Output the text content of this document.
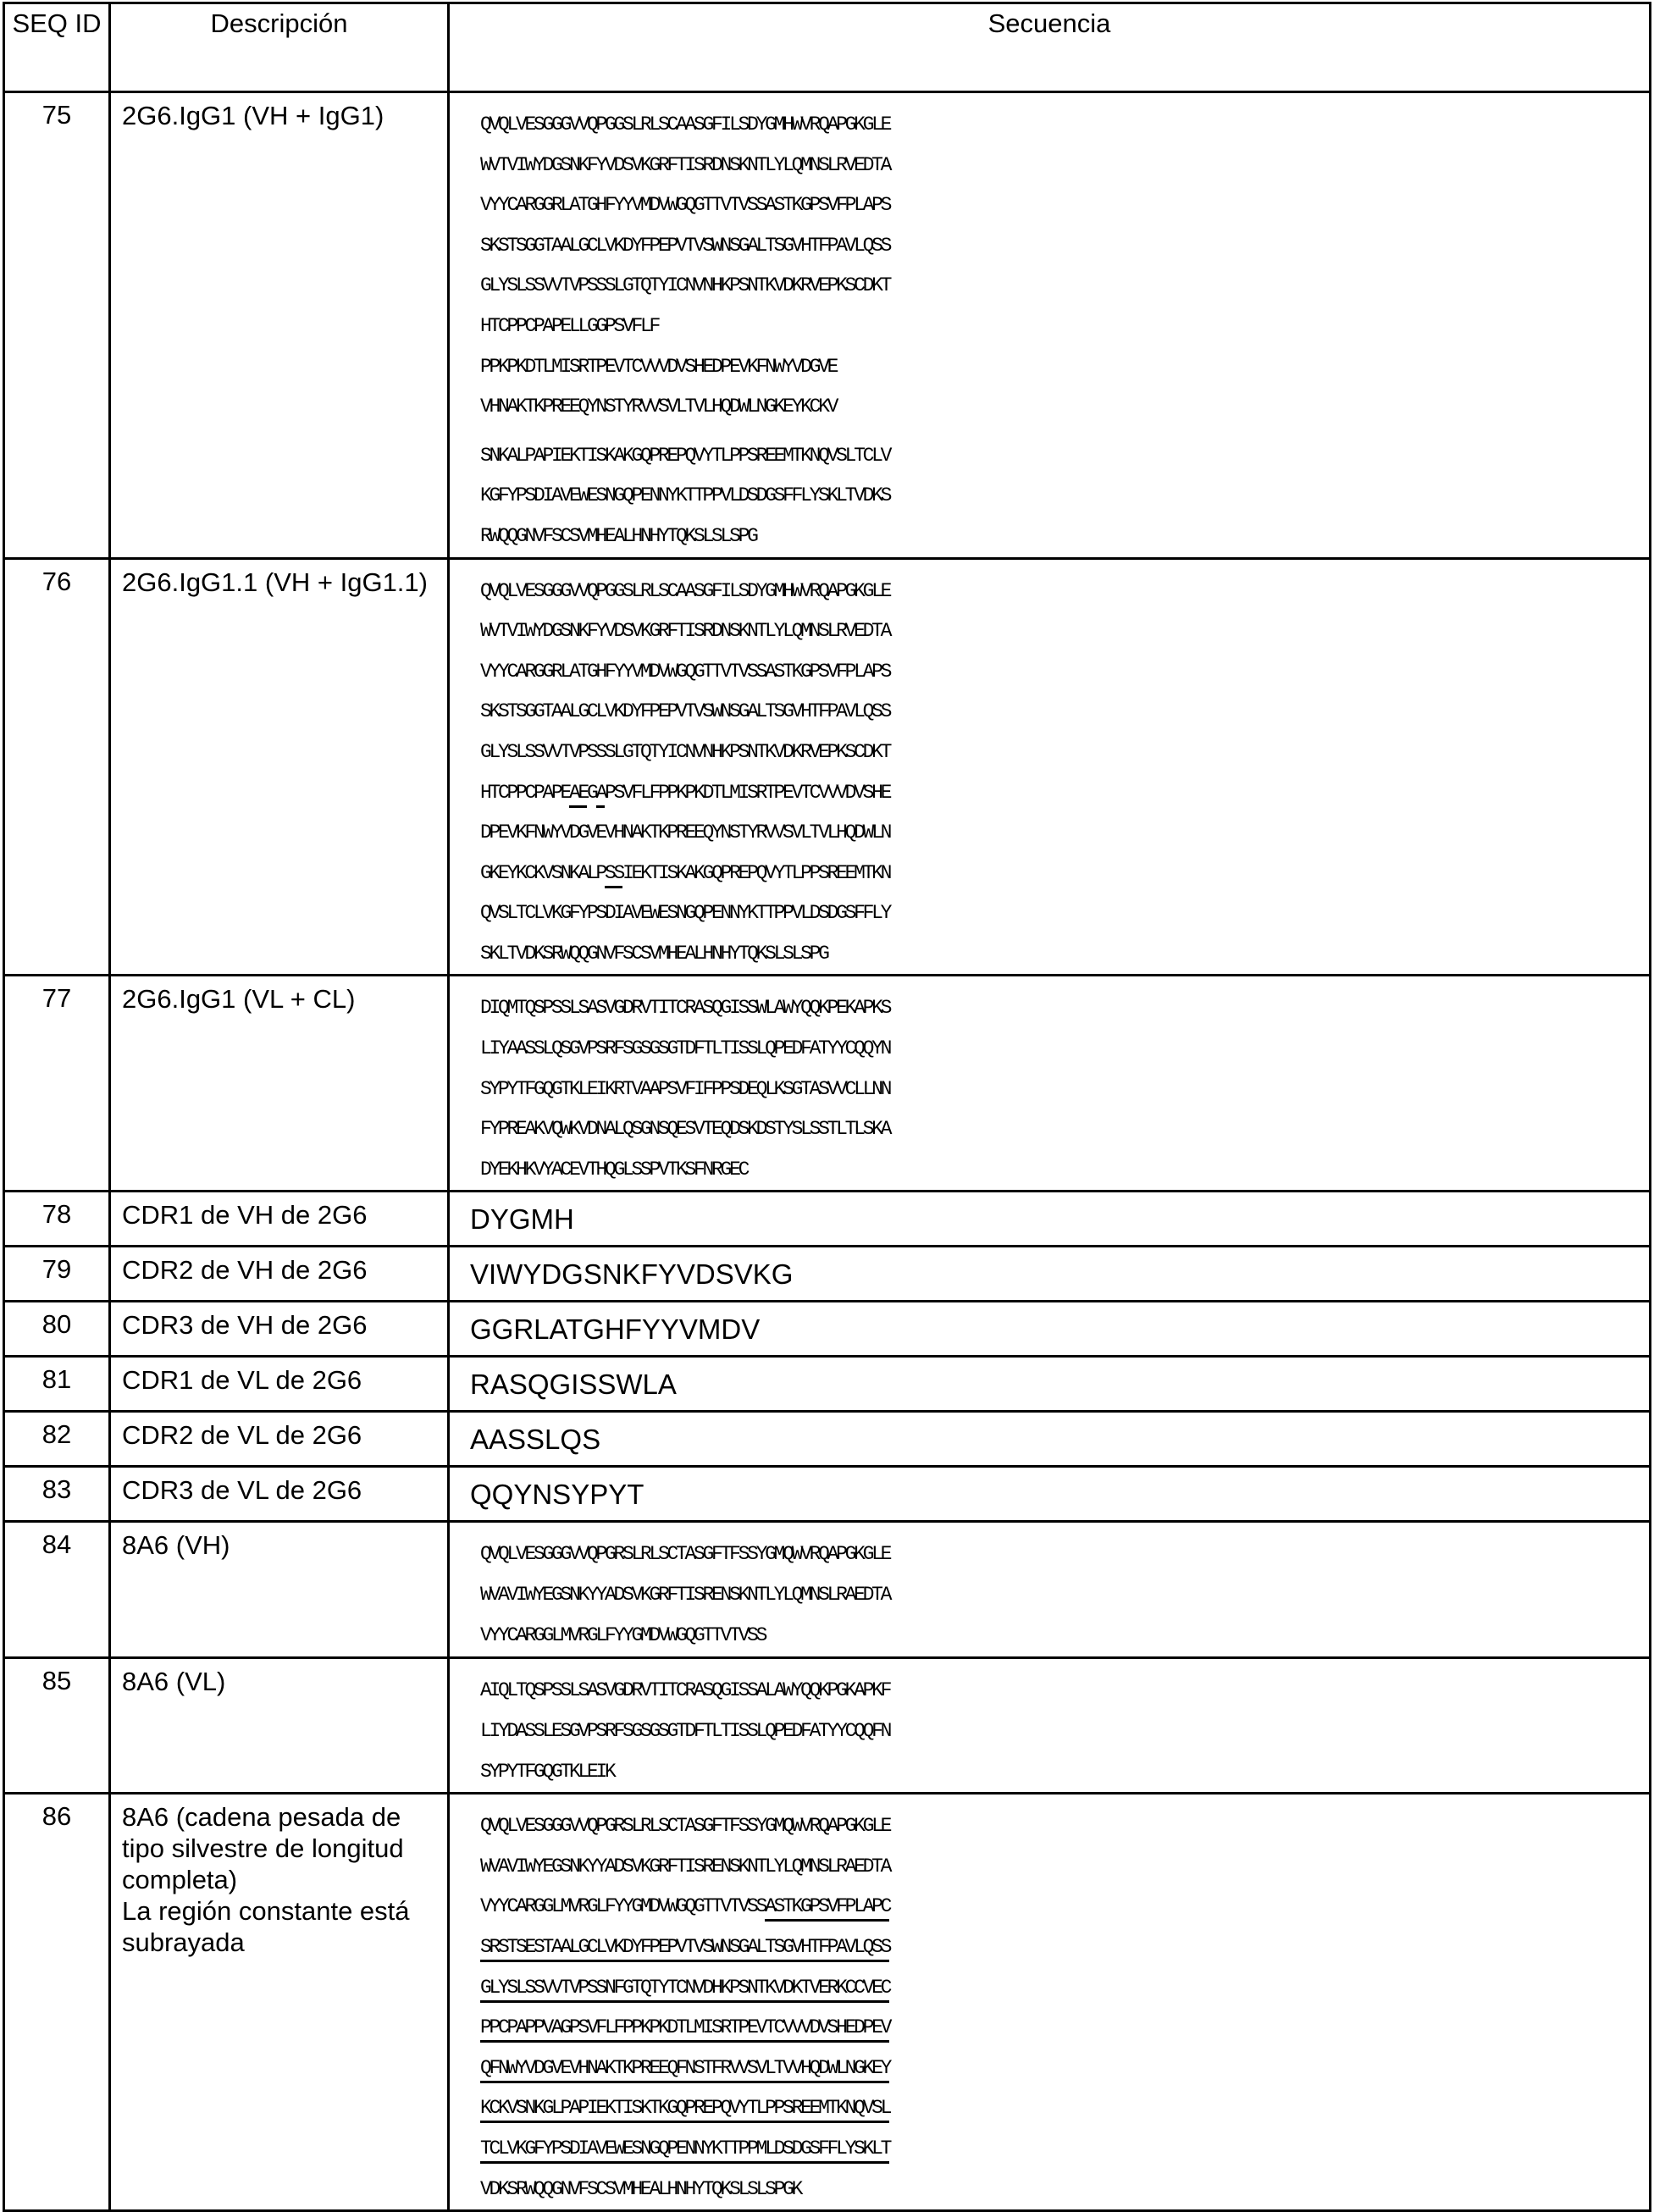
SEQ ID	Descripción	Secuencia
75	2G6.IgG1 (VH + IgG1)	QVQLVESGGGVVQPGGSLRLSCAASGFILSDYGMHWVRQAPGKGLE
WVTVIWYDGSNKFYVDSVKGRFTISRDNSKNTLYLQMNSLRVEDTA
VYYCARGGRLATGHFYYVMDVWGQGTTVTVSSASTKGPSVFPLAPS
SKSTSGGTAALGCLVKDYFPEPVTVSWNSGALTSGVHTFPAVLQSS
GLYSLSSVVTVPSSSLGTQTYICNVNHKPSNTKVDKRVEPKSCDKT
HTCPPCPAPELLGGPSVFLF
PPKPKDTLMISRTPEVTCVVVDVSHEDPEVKFNWYVDGVE
VHNAKTKPREEQYNSTYRVVSVLTVLHQDWLNGKEYKCKV
SNKALPAPIEKTISKAKGQPREPQVYTLPPSREEMTKNQVSLTCLV
KGFYPSDIAVEWESNGQPENNYKTTPPVLDSDGSFFLYSKLTVDKS
RWQQGNVFSCSVMHEALHNHYTQKSLSLSPG

76	2G6.IgG1.1 (VH + IgG1.1)	QVQLVESGGGVVQPGGSLRLSCAASGFILSDYGMHWVRQAPGKGLE
WVTVIWYDGSNKFYVDSVKGRFTISRDNSKNTLYLQMNSLRVEDTA
VYYCARGGRLATGHFYYVMDVWGQGTTVTVSSASTKGPSVFPLAPS
SKSTSGGTAALGCLVKDYFPEPVTVSWNSGALTSGVHTFPAVLQSS
GLYSLSSVVTVPSSSLGTQTYICNVNHKPSNTKVDKRVEPKSCDKT
HTCPPCPAPEAEGAPSVFLFPPKPKDTLMISRTPEVTCVVVDVSHE
DPEVKFNWYVDGVEVHNAKTKPREEQYNSTYRVVSVLTVLHQDWLN
GKEYKCKVSNKALPSSIEKTISKAKGQPREPQVYTLPPSREEMTKN
QVSLTCLVKGFYPSDIAVEWESNGQPENNYKTTPPVLDSDGSFFLY
SKLTVDKSRWQQGNVFSCSVMHEALHNHYTQKSLSLSPG

77	2G6.IgG1 (VL + CL)	DIQMTQSPSSLSASVGDRVTITCRASQGISSWLAWYQQKPEKAPKS
LIYAASSLQSGVPSRFSGSGSGTDFTLTISSLQPEDFATYYCQQYN
SYPYTFGQGTKLEIKRTVAAPSVFIFPPSDEQLKSGTASVVCLLNN
FYPREAKVQWKVDNALQSGNSQESVTEQDSKDSTYSLSSTLTLSKA
DYEKHKVYACEVTHQGLSSPVTKSFNRGEC

78	CDR1 de VH de 2G6	DYGMH

79	CDR2 de VH de 2G6	VIWYDGSNKFYVDSVKG

80	CDR3 de VH de 2G6	GGRLATGHFYYVMDV

81	CDR1 de VL de 2G6	RASQGISSWLA

82	CDR2 de VL de 2G6	AASSLQS

83	CDR3 de VL de 2G6	QQYNSYPYT

84	8A6 (VH)	QVQLVESGGGVVQPGRSLRLSCTASGFTFSSYGMQWVRQAPGKGLE
WVAVIWYEGSNKYYADSVKGRFTISRENSKNTLYLQMNSLRAEDTA
VYYCARGGLMVRGLFYYGMDVWGQGTTVTVSS

85	8A6 (VL)	AIQLTQSPSSLSASVGDRVTITCRASQGISSALAWYQQKPGKAPKF
LIYDASSLESGVPSRFSGSGSGTDFTLTISSLQPEDFATYYCQQFN
SYPYTFGQGTKLEIK

86	8A6 (cadena pesada de tipo silvestre de longitud completa)

La región constante está subrayada

QVQLVESGGGVVQPGRSLRLSCTASGFTFSSYGMQWVRQAPGKGLE
WVAVIWYEGSNKYYADSVKGRFTISRENSKNTLYLQMNSLRAEDTA
VYYCARGGLMVRGLFYYGMDVWGQGTTVTVSSASTKGPSVFPLAPC
SRSTSESTAALGCLVKDYFPEPVTVSWNSGALTSGVHTFPAVLQSS
GLYSLSSVVTVPSSNFGTQTYTCNVDHKPSNTKVDKTVERKCCVEC
PPCPAPPVAGPSVFLFPPKPKDTLMISRTPEVTCVVVDVSHEDPEV
QFNWYVDGVEVHNAKTKPREEQFNSTFRVVSVLTVVHQDWLNGKEY
KCKVSNKGLPAPIEKTISKTKGQPREPQVYTLPPSREEMTKNQVSL
TCLVKGFYPSDIAVEWESNGQPENNYKTTPPMLDSDGSFFLYSKLT
VDKSRWQQGNVFSCSVMHEALHNHYTQKSLSLSPGK
